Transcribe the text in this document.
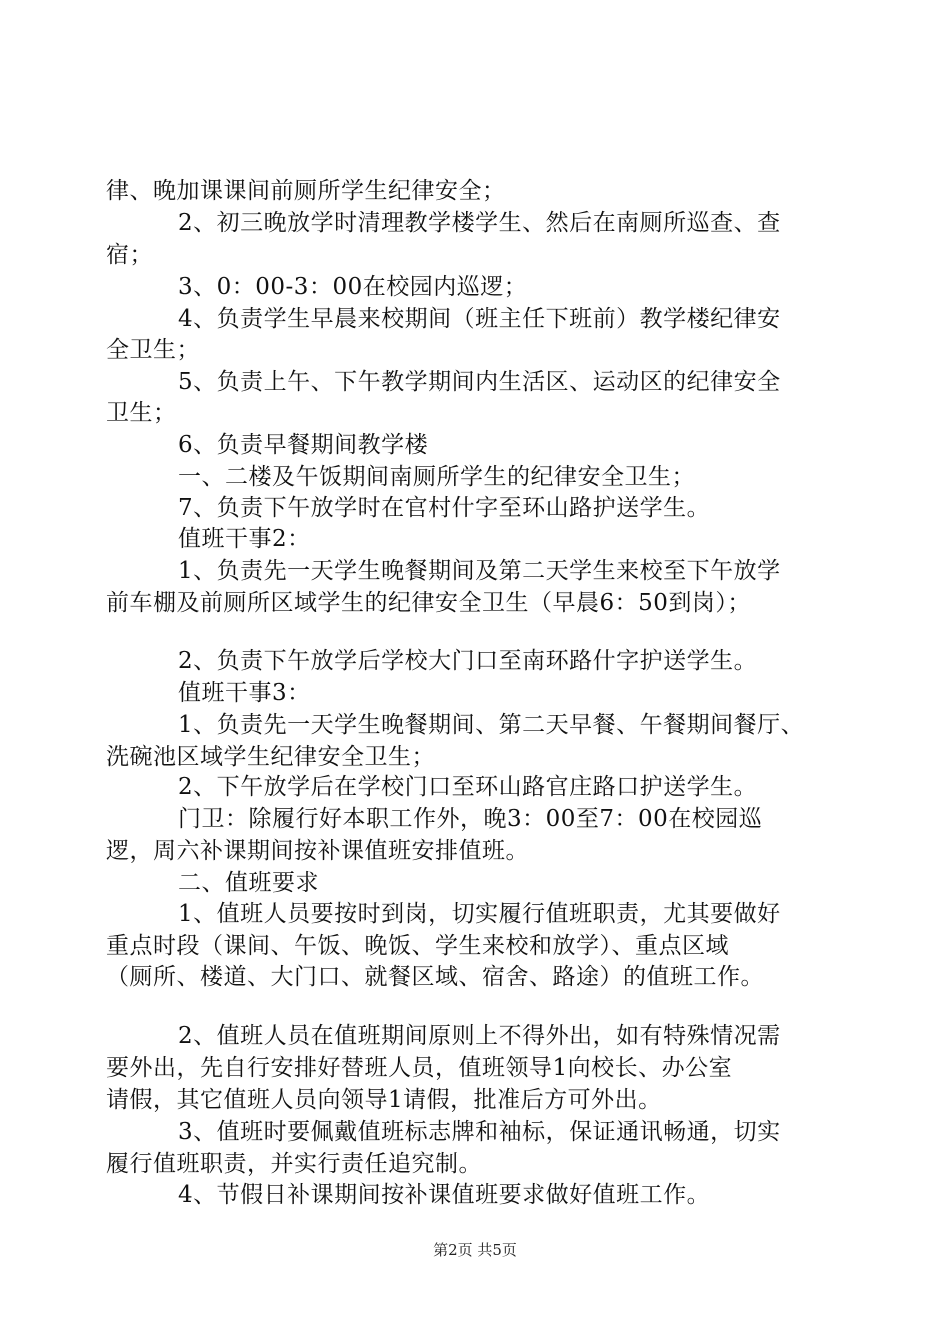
律、晚加课课间前厕所学生纪律安全；
2、初三晚放学时清理教学楼学生、然后在南厕所巡查、查
宿；
3、0：00-3：00在校园内巡逻；
4、负责学生早晨来校期间（班主任下班前）教学楼纪律安
全卫生；
5、负责上午、下午教学期间内生活区、运动区的纪律安全
卫生；
6、负责早餐期间教学楼
一、二楼及午饭期间南厕所学生的纪律安全卫生；
7、负责下午放学时在官村什字至环山路护送学生。
值班干事2：
1、负责先一天学生晚餐期间及第二天学生来校至下午放学
前车棚及前厕所区域学生的纪律安全卫生（早晨6：50到岗）；
2、负责下午放学后学校大门口至南环路什字护送学生。
值班干事3：
1、负责先一天学生晚餐期间、第二天早餐、午餐期间餐厅、
洗碗池区域学生纪律安全卫生；
2、下午放学后在学校门口至环山路官庄路口护送学生。
门卫：除履行好本职工作外，晚3：00至7：00在校园巡
逻，周六补课期间按补课值班安排值班。
二、值班要求
1、值班人员要按时到岗，切实履行值班职责，尤其要做好
重点时段（课间、午饭、晚饭、学生来校和放学）、重点区域
（厕所、楼道、大门口、就餐区域、宿舍、路途）的值班工作。
2、值班人员在值班期间原则上不得外出，如有特殊情况需
要外出，先自行安排好替班人员，值班领导1向校长、办公室
请假，其它值班人员向领导1请假，批准后方可外出。
3、值班时要佩戴值班标志牌和袖标，保证通讯畅通，切实
履行值班职责，并实行责任追究制。
4、节假日补课期间按补课值班要求做好值班工作。
第2页 共5页
